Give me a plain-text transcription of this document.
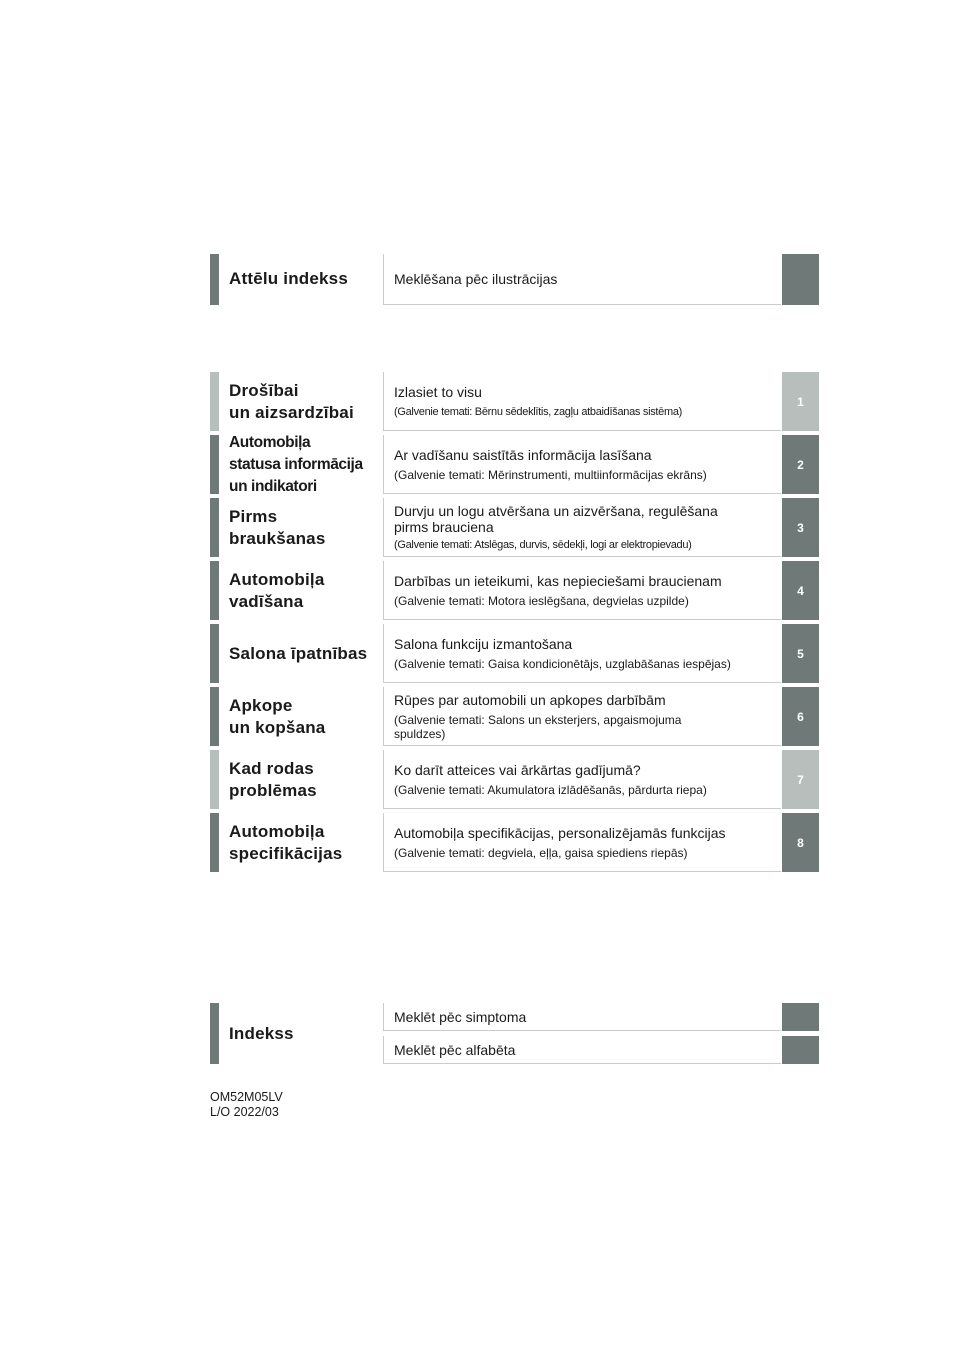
Attēlu indekss	Meklēšana pēc ilustrācijas
Drošībai
un aizsardzībai
Izlasiet to visu
(Galvenie temati: Bērnu sēdeklītis, zagļu atbaidīšanas sistēma)
1
Automobiļa
statusa informācija
un indikatori
Ar vadīšanu saistītās informācija lasīšana
(Galvenie temati: Mērinstrumenti, multiinformācijas ekrāns)
2
Pirms
braukšanas
Durvju un logu atvēršana un aizvēršana, regulēšana
pirms brauciena
(Galvenie temati: Atslēgas, durvis, sēdekļi, logi ar elektropievadu)
3
Automobiļa
vadīšana
Darbības un ieteikumi, kas nepieciešami braucienam
(Galvenie temati: Motora ieslēgšana, degvielas uzpilde)
4
Salona īpatnības	Salona funkciju izmantošana
(Galvenie temati: Gaisa kondicionētājs, uzglabāšanas iespējas)
5
Apkope
un kopšana
Rūpes par automobili un apkopes darbībām
(Galvenie temati: Salons un eksterjers, apgaismojuma spuldzes)
6
Kad rodas
problēmas
Ko darīt atteices vai ārkārtas gadījumā?
(Galvenie temati: Akumulatora izlādēšanās, pārdurta riepa)
7
Automobiļa
specifikācijas
Automobiļa specifikācijas, personalizējamās funkcijas
(Galvenie temati: degviela, eļļa, gaisa spiediens riepās)
8
Indekss
Meklēt pēc simptoma
Meklēt pēc alfabēta
OM52M05LV
L/O 2022/03
